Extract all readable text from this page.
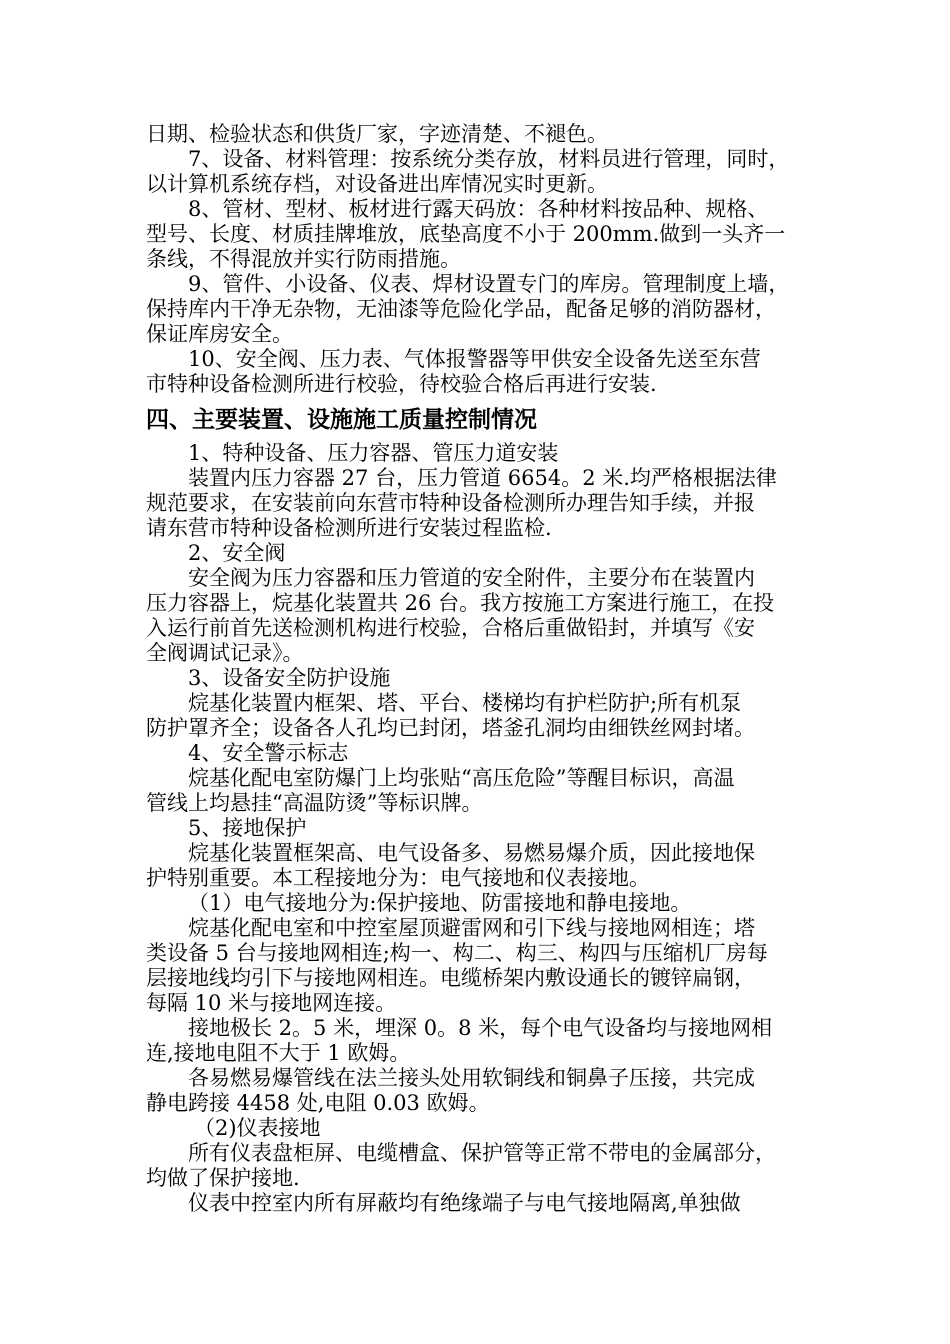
日期、检验状态和供货厂家，字迹清楚、不褪色。
7、设备、材料管理：按系统分类存放，材料员进行管理，同时，
以计算机系统存档，对设备进出库情况实时更新。
8、管材、型材、板材进行露天码放：各种材料按品种、规格、
型号、长度、材质挂牌堆放，底垫高度不小于 200mm.做到一头齐一
条线，不得混放并实行防雨措施。
9、管件、小设备、仪表、焊材设置专门的库房。管理制度上墙，
保持库内干净无杂物，无油漆等危险化学品，配备足够的消防器材，
保证库房安全。
10、安全阀、压力表、气体报警器等甲供安全设备先送至东营
市特种设备检测所进行校验，待校验合格后再进行安装.
四、主要装置、设施施工质量控制情况
1、特种设备、压力容器、管压力道安装
装置内压力容器 27 台，压力管道 6654。2 米.均严格根据法律
规范要求，在安装前向东营市特种设备检测所办理告知手续，并报
请东营市特种设备检测所进行安装过程监检.
2、安全阀
安全阀为压力容器和压力管道的安全附件，主要分布在装置内
压力容器上，烷基化装置共 26 台。我方按施工方案进行施工，在投
入运行前首先送检测机构进行校验，合格后重做铅封，并填写《安
全阀调试记录》。
3、设备安全防护设施
烷基化装置内框架、塔、平台、楼梯均有护栏防护;所有机泵
防护罩齐全；设备各人孔均已封闭，塔釜孔洞均由细铁丝网封堵。
4、安全警示标志
烷基化配电室防爆门上均张贴“高压危险”等醒目标识，高温
管线上均悬挂“高温防烫”等标识牌。
5、接地保护
烷基化装置框架高、电气设备多、易燃易爆介质，因此接地保
护特别重要。本工程接地分为：电气接地和仪表接地。
（1）电气接地分为:保护接地、防雷接地和静电接地。
烷基化配电室和中控室屋顶避雷网和引下线与接地网相连；塔
类设备 5 台与接地网相连;构一、构二、构三、构四与压缩机厂房每
层接地线均引下与接地网相连。电缆桥架内敷设通长的镀锌扁钢，
每隔 10 米与接地网连接。
接地极长 2。5 米，埋深 0。8 米，每个电气设备均与接地网相
连,接地电阻不大于 1 欧姆。
各易燃易爆管线在法兰接头处用软铜线和铜鼻子压接，共完成
静电跨接 4458 处,电阻 0.03 欧姆。
（2)仪表接地
所有仪表盘柜屏、电缆槽盒、保护管等正常不带电的金属部分，
均做了保护接地.
仪表中控室内所有屏蔽均有绝缘端子与电气接地隔离,单独做
